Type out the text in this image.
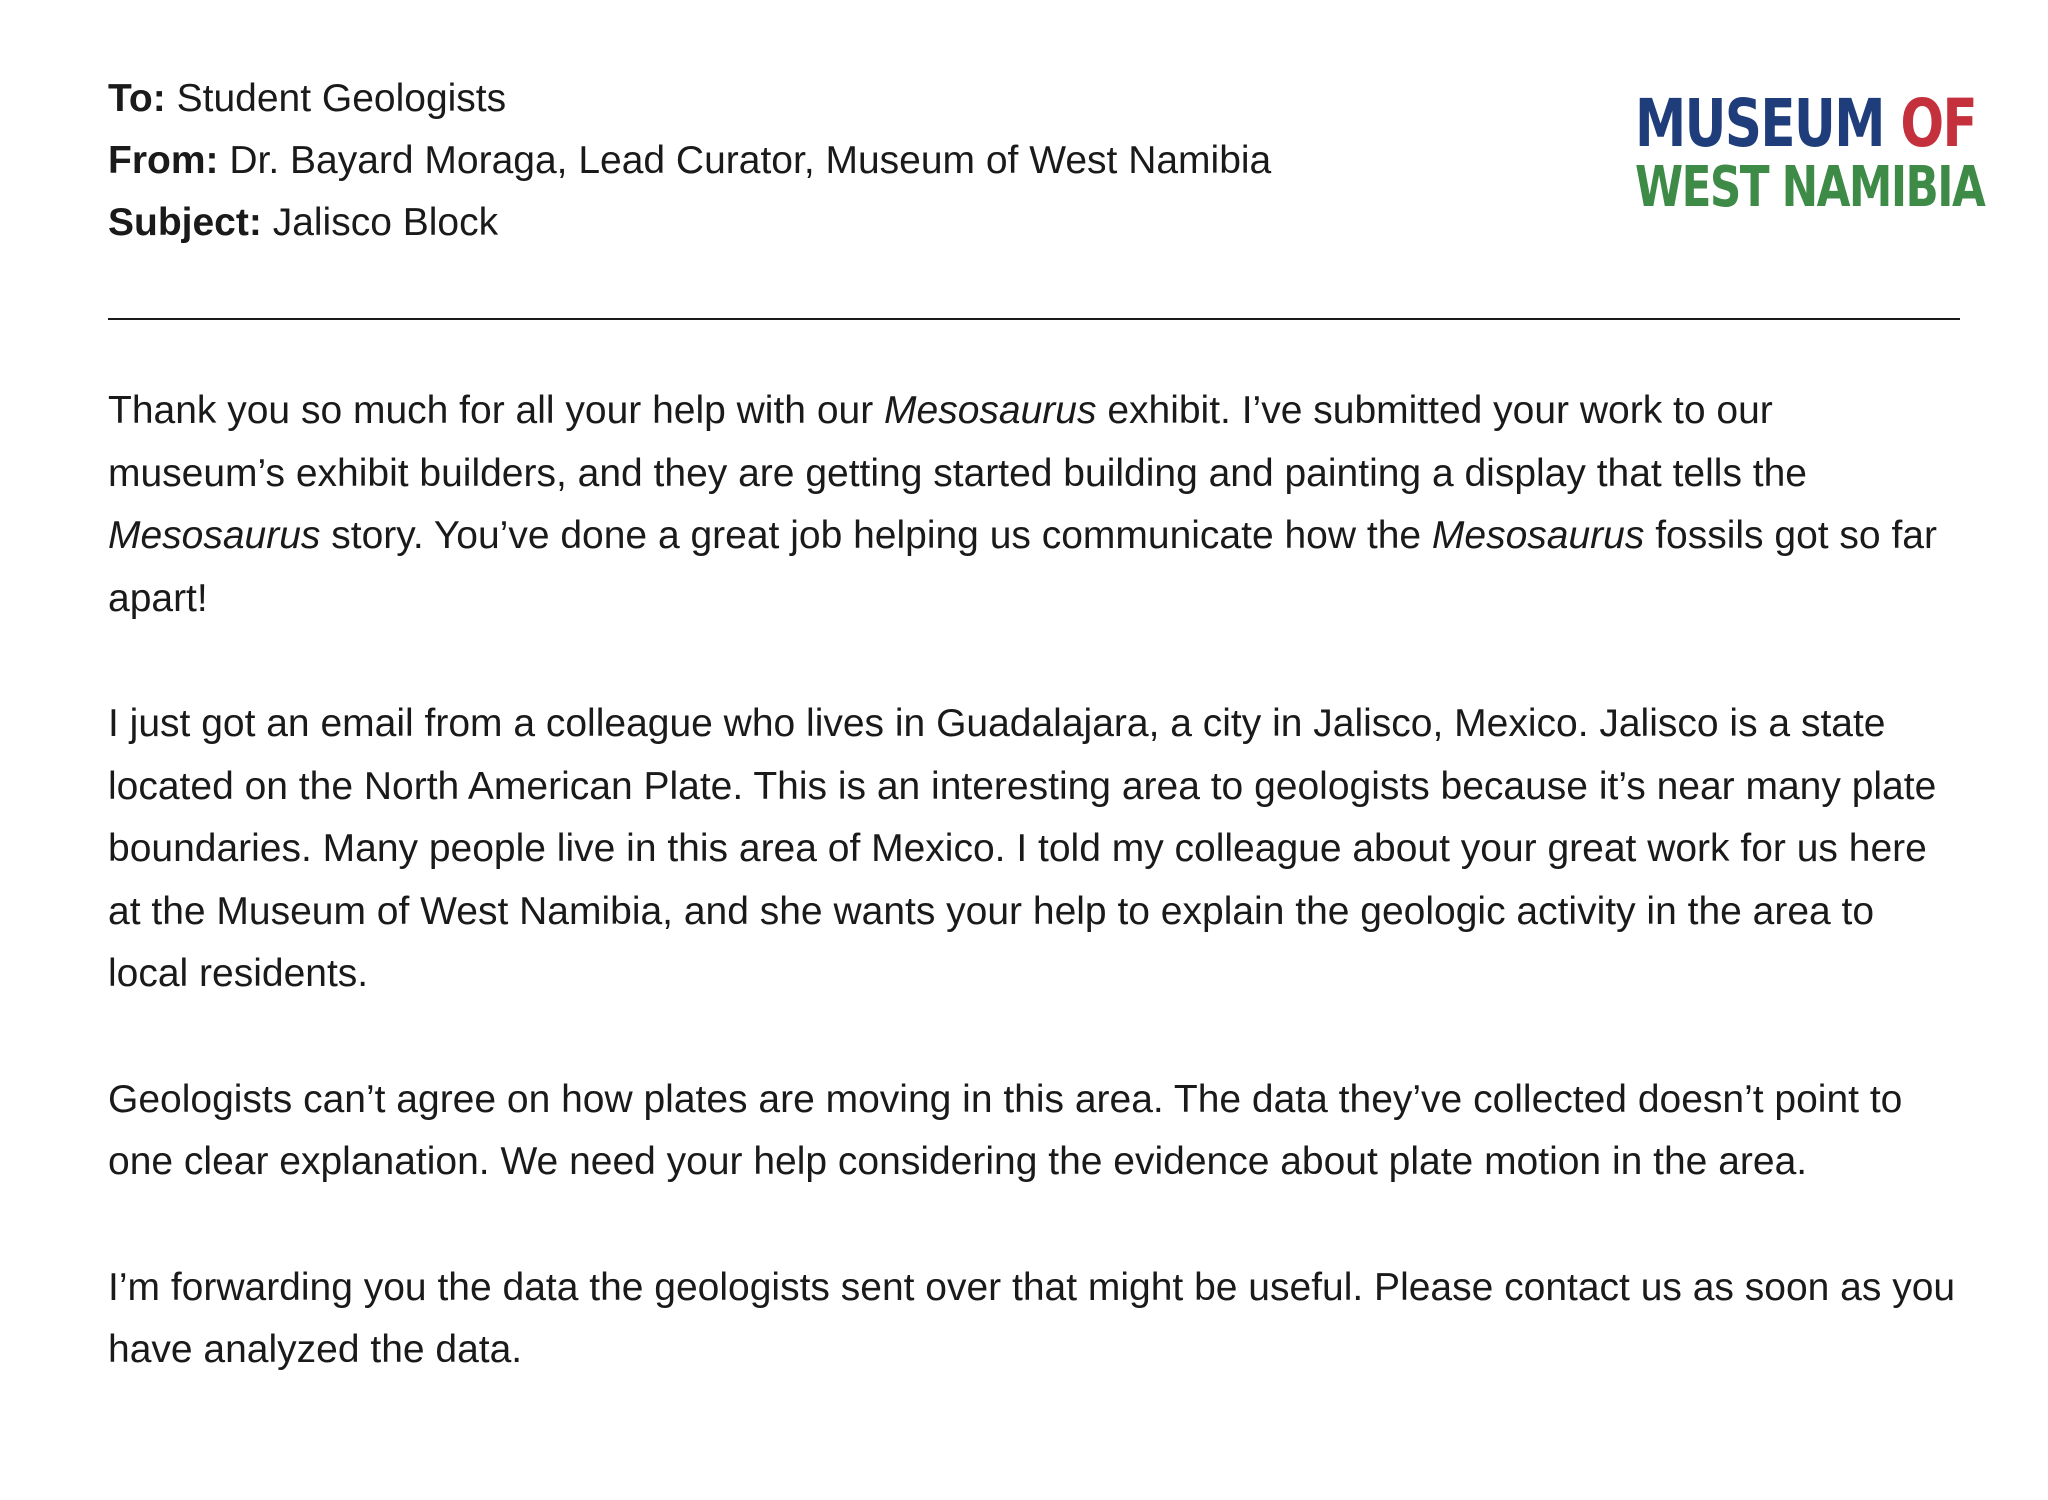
To: Student Geologists
From: Dr. Bayard Moraga, Lead Curator, Museum of West Namibia
Subject: Jalisco Block
MUSEUM OF
WEST NAMIBIA

Thank you so much for all your help with our Mesosaurus exhibit. I’ve submitted your work to our museum’s exhibit builders, and they are getting started building and painting a display that tells the Mesosaurus story. You’ve done a great job helping us communicate how the Mesosaurus fossils got so far apart!

I just got an email from a colleague who lives in Guadalajara, a city in Jalisco, Mexico. Jalisco is a state located on the North American Plate. This is an interesting area to geologists because it’s near many plate boundaries. Many people live in this area of Mexico. I told my colleague about your great work for us here at the Museum of West Namibia, and she wants your help to explain the geologic activity in the area to local residents.

Geologists can’t agree on how plates are moving in this area. The data they’ve collected doesn’t point to one clear explanation. We need your help considering the evidence about plate motion in the area.

I’m forwarding you the data the geologists sent over that might be useful. Please contact us as soon as you have analyzed the data.
